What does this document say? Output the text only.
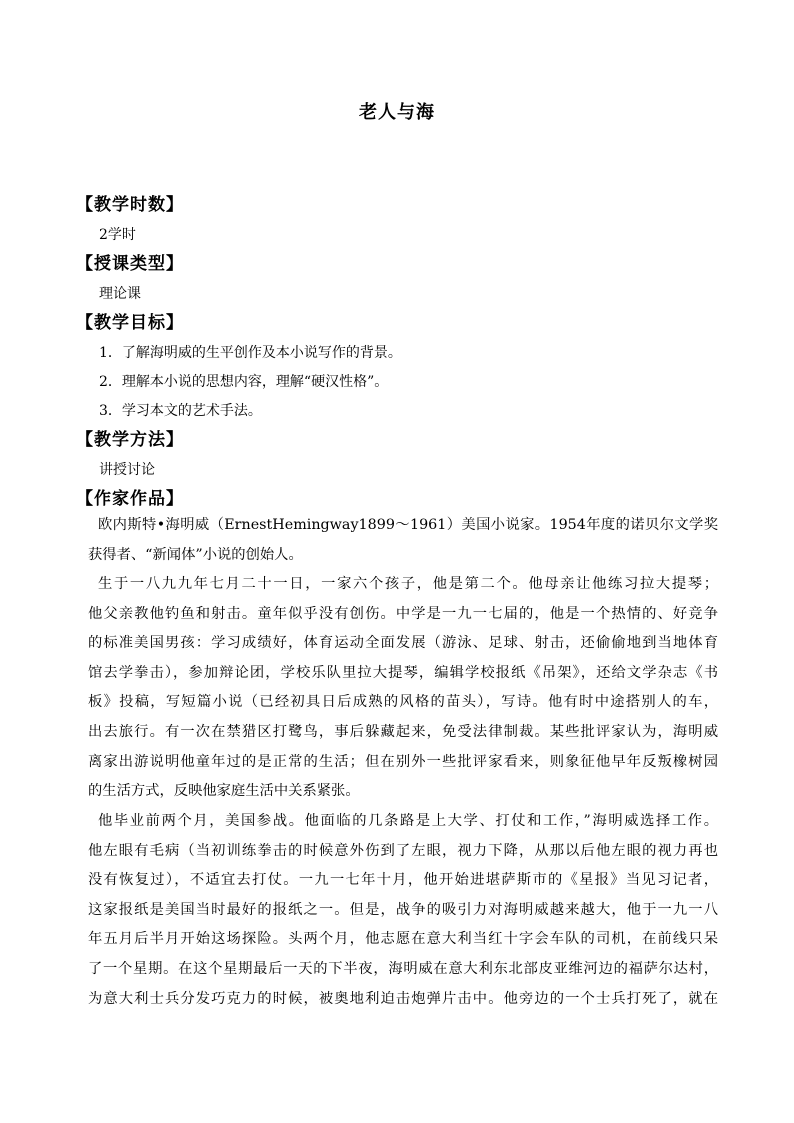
老人与海
【教学时数】
2学时
【授课类型】
理论课
【教学目标】
1．了解海明威的生平创作及本小说写作的背景。
2．理解本小说的思想内容，理解“硬汉性格”。
3．学习本文的艺术手法。
【教学方法】
讲授讨论
【作家作品】
欧内斯特•海明威（ErnestHemingway1899～1961）美国小说家。1954年度的诺贝尔文学奖
获得者、“新闻体”小说的创始人。
生于一八九九年七月二十一日，一家六个孩子，他是第二个。他母亲让他练习拉大提琴；
他父亲教他钓鱼和射击。童年似乎没有创伤。中学是一九一七届的，他是一个热情的、好竞争
的标准美国男孩：学习成绩好，体育运动全面发展（游泳、足球、射击，还偷偷地到当地体育
馆去学拳击），参加辩论团，学校乐队里拉大提琴，编辑学校报纸《吊架》，还给文学杂志《书
板》投稿，写短篇小说（已经初具日后成熟的风格的苗头），写诗。他有时中途搭别人的车，
出去旅行。有一次在禁猎区打鹭鸟，事后躲藏起来，免受法律制裁。某些批评家认为，海明威
离家出游说明他童年过的是正常的生活；但在别外一些批评家看来，则象征他早年反叛橡树园
的生活方式，反映他家庭生活中关系紧张。
他毕业前两个月，美国参战。他面临的几条路是上大学、打仗和工作，”海明威选择工作。
他左眼有毛病（当初训练拳击的时候意外伤到了左眼，视力下降，从那以后他左眼的视力再也
没有恢复过），不适宜去打仗。一九一七年十月，他开始进堪萨斯市的《星报》当见习记者，
这家报纸是美国当时最好的报纸之一。但是，战争的吸引力对海明威越来越大，他于一九一八
年五月后半月开始这场探险。头两个月，他志愿在意大利当红十字会车队的司机，在前线只呆
了一个星期。在这个星期最后一天的下半夜，海明威在意大利东北部皮亚维河边的福萨尔达村，
为意大利士兵分发巧克力的时候，被奥地利迫击炮弹片击中。他旁边的一个士兵打死了，就在
